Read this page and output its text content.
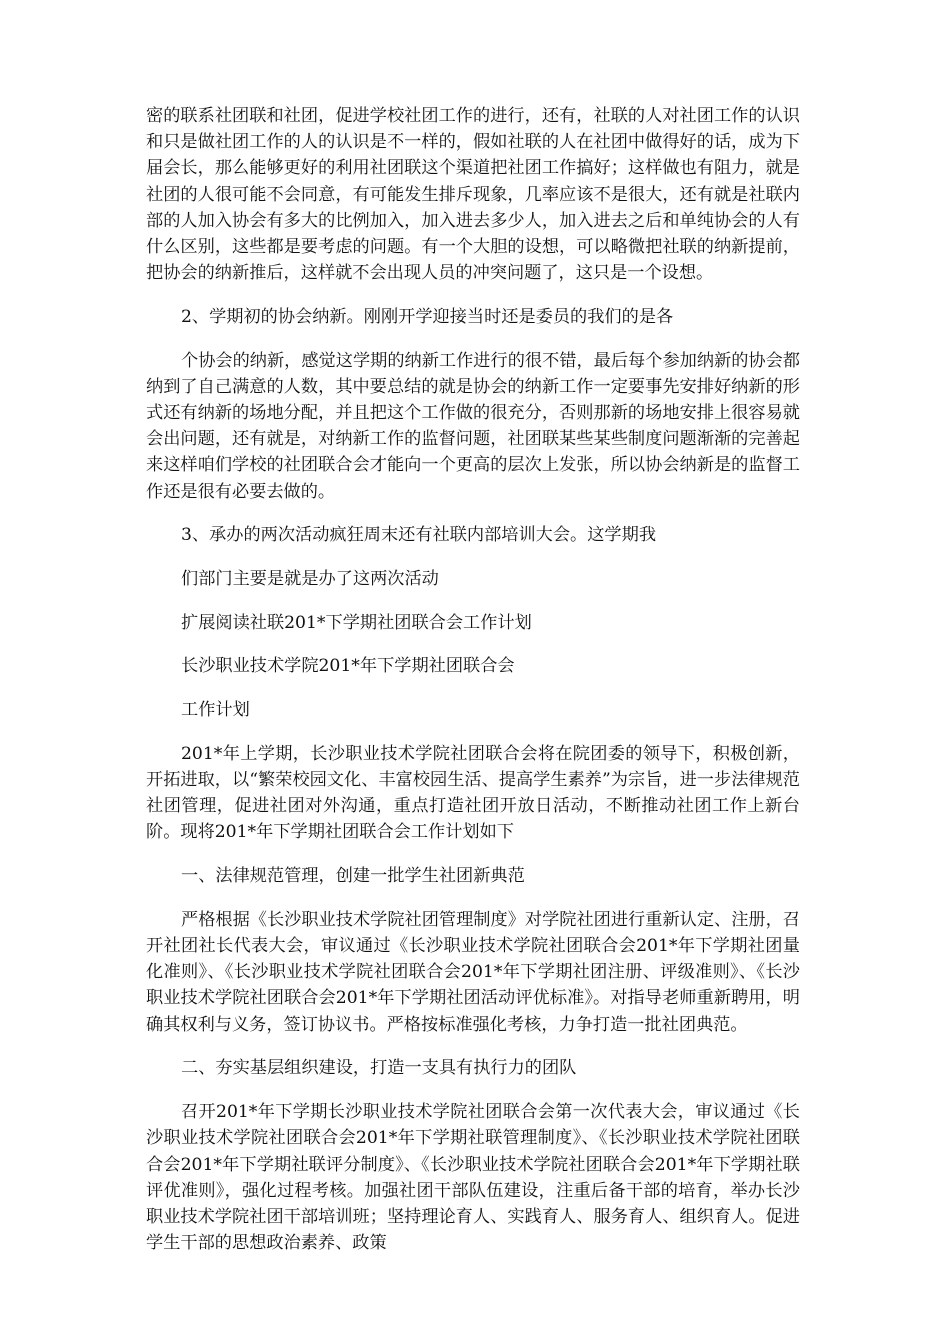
密的联系社团联和社团，促进学校社团工作的进行，还有，社联的人对社团工作的认识和只是做社团工作的人的认识是不一样的，假如社联的人在社团中做得好的话，成为下届会长，那么能够更好的利用社团联这个渠道把社团工作搞好；这样做也有阻力，就是社团的人很可能不会同意，有可能发生排斥现象，几率应该不是很大，还有就是社联内部的人加入协会有多大的比例加入，加入进去多少人，加入进去之后和单纯协会的人有什么区别，这些都是要考虑的问题。有一个大胆的设想，可以略微把社联的纳新提前，把协会的纳新推后，这样就不会出现人员的冲突问题了，这只是一个设想。

2、学期初的协会纳新。刚刚开学迎接当时还是委员的我们的是各

个协会的纳新，感觉这学期的纳新工作进行的很不错，最后每个参加纳新的协会都纳到了自己满意的人数，其中要总结的就是协会的纳新工作一定要事先安排好纳新的形式还有纳新的场地分配，并且把这个工作做的很充分，否则那新的场地安排上很容易就会出问题，还有就是，对纳新工作的监督问题，社团联某些某些制度问题渐渐的完善起来这样咱们学校的社团联合会才能向一个更高的层次上发张，所以协会纳新是的监督工作还是很有必要去做的。

3、承办的两次活动疯狂周末还有社联内部培训大会。这学期我

们部门主要是就是办了这两次活动

扩展阅读社联201*下学期社团联合会工作计划

长沙职业技术学院201*年下学期社团联合会

工作计划

201*年上学期，长沙职业技术学院社团联合会将在院团委的领导下，积极创新，开拓进取，以“繁荣校园文化、丰富校园生活、提高学生素养”为宗旨，进一步法律规范社团管理，促进社团对外沟通，重点打造社团开放日活动，不断推动社团工作上新台阶。现将201*年下学期社团联合会工作计划如下

一、法律规范管理，创建一批学生社团新典范

严格根据《长沙职业技术学院社团管理制度》对学院社团进行重新认定、注册，召开社团社长代表大会，审议通过《长沙职业技术学院社团联合会201*年下学期社团量化准则》、《长沙职业技术学院社团联合会201*年下学期社团注册、评级准则》、《长沙职业技术学院社团联合会201*年下学期社团活动评优标准》。对指导老师重新聘用，明确其权利与义务，签订协议书。严格按标准强化考核，力争打造一批社团典范。

二、夯实基层组织建设，打造一支具有执行力的团队

召开201*年下学期长沙职业技术学院社团联合会第一次代表大会，审议通过《长沙职业技术学院社团联合会201*年下学期社联管理制度》、《长沙职业技术学院社团联合会201*年下学期社联评分制度》、《长沙职业技术学院社团联合会201*年下学期社联评优准则》，强化过程考核。加强社团干部队伍建设，注重后备干部的培育，举办长沙职业技术学院社团干部培训班；坚持理论育人、实践育人、服务育人、组织育人。促进学生干部的思想政治素养、政策
